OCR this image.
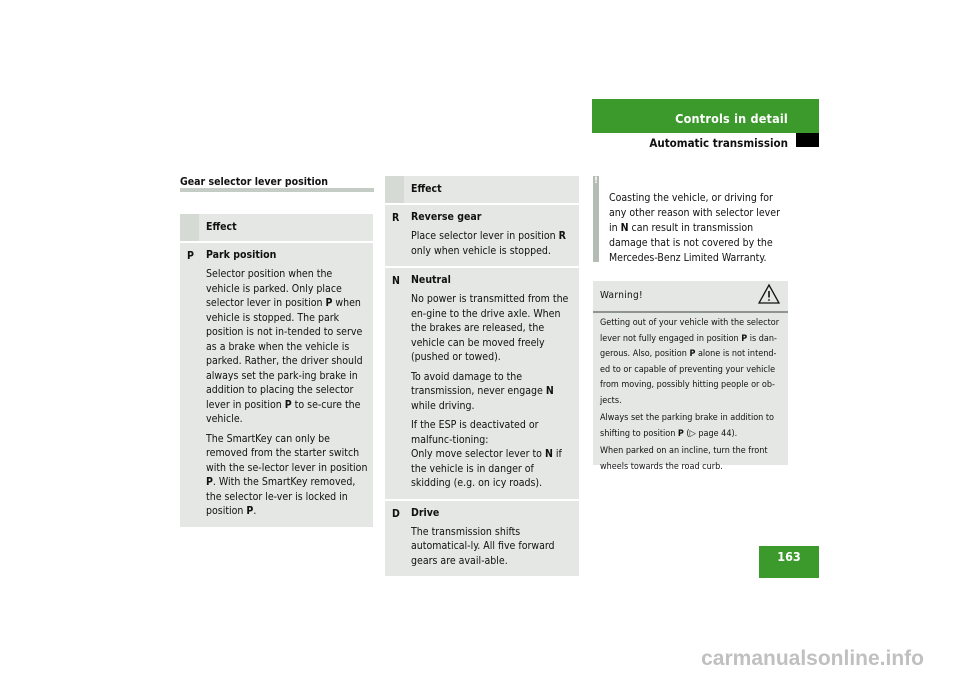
Controls in detail
Automatic transmission
Gear selector lever position
Effect
P	Park position

Selector position when the vehicle is parked. Only place selector lever in position P when vehicle is stopped. The park position is not in-tended to serve as a brake when the vehicle is parked. Rather, the driver should always set the park-ing brake in addition to placing the selector lever in position P to se-cure the vehicle.

The SmartKey can only be removed from the starter switch with the se-lector lever in position P. With the SmartKey removed, the selector le-ver is locked in position P.

Effect
R	Reverse gear

Place selector lever in position R only when vehicle is stopped.

N	Neutral

No power is transmitted from the en-gine to the drive axle. When the brakes are released, the vehicle can be moved freely (pushed or towed).

To avoid damage to the transmission, never engage N while driving.

If the ESP is deactivated or malfunc-tioning:
Only move selector lever to N if the vehicle is in danger of skidding (e.g. on icy roads).

D	Drive

The transmission shifts automatical-ly. All five forward gears are avail-able.

!

Coasting the vehicle, or driving for any other reason with selector lever in N can result in transmission damage that is not covered by the Mercedes-Benz Limited Warranty.

Warning!

Getting out of your vehicle with the selector lever not fully engaged in position P is dan-gerous. Also, position P alone is not intend-ed to or capable of preventing your vehicle from moving, possibly hitting people or ob-jects.

Always set the parking brake in addition to shifting to position P (▷ page 44).

When parked on an incline, turn the front wheels towards the road curb.

163
carmanualsonline.info
